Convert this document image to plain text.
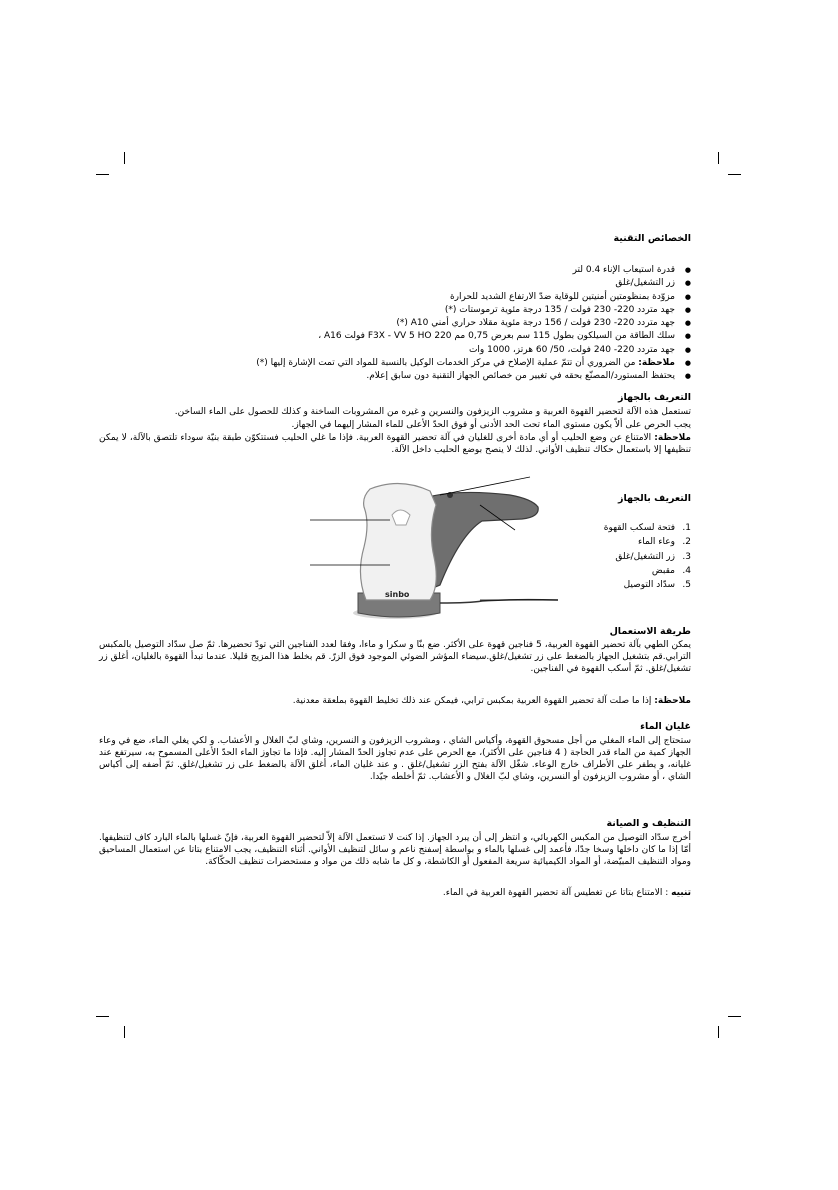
الخصائص التقنية
● قدرة استيعاب الإناء 0.4 لتر
● زر التشغيل/غلق
● مزوّدة بمنظومتين أمنيتين للوقاية ضدّ الارتفاع الشديد للحرارة
● جهد متردد 220- 230 فولت / 135 درجة مئوية ترموستات (*)
● جهد متردد 220- 230 فولت / 156 درجة مئوية مقلاد حراري أمني A10 (*)
● سلك الطاقة من السيلكون بطول 115 سم بعرض 0,75 مم F3X - VV 5 HO 220 فولت A16 ،
● جهد متردد 220- 240 فولت، 50/ 60 هرتز، 1000 وات
● ملاحظة: من الضروري أن تتمّ عملية الإصلاح في مركز الخدمات الوكيل بالنسبة للمواد التي تمت الإشارة إليها (*)
● يحتفظ المستورد/المصنّع بحقه في تغيير من خصائص الجهاز التقنية دون سابق إعلام.
التعريف بالجهاز
تستعمل هذه الآلة لتحضير القهوة العربية و مشروب الزيزفون والنسرين و غيره من المشروبات الساخنة و كذلك للحصول على الماء الساخن.
يجب الحرص على ألاّ يكون مستوى الماء تحت الحد الأدنى أو فوق الحدّ الأعلى للماء المشار إليهما في الجهاز.
ملاحظة: الامتناع عن وضع الحليب أو أي مادة أخرى للغليان في آلة تحضير القهوة العربية. فإذا ما غلي الحليب فستتكوّن طبقة بنيّة سوداء تلتصق بالآلة، لا يمكن تنظيفها إلا باستعمال حكاك تنظيف الأواني. لذلك لا ينصح بوضع الحليب داخل الآلة.
sinbo
التعريف بالجهاز
1.فتحة لسكب القهوة
2.وعاء الماء
3.زر التشغيل/غلق
4.مقبض
5.سدّاد التوصيل
طريقة الاستعمال
يمكن الطهي بآلة تحضير القهوة العربية، 5 فناجين قهوة على الأكثر. ضع بنّا و سكرا و ماءا، وفقا لعدد الفناجين التي تودّ تحضيرها. ثمّ صل سدّاد التوصيل بالمكبس الترابي.قم بتشغيل الجهاز بالضغط على زر تشغيل/غلق.سيضاء المؤشر الضوئي الموجود فوق الزرّ. قم بخلط هذا المزيج قليلا. عندما تبدأ القهوة بالغليان، أغلق زر تشغيل/غلق. ثمّ أسكب القهوة في الفناجين.
ملاحظة: إذا ما صلت آلة تحضير القهوة العربية بمكبس ترابي، فيمكن عند ذلك تخليط القهوة بملعقة معدنية.
غليان الماء
ستحتاج إلى الماء المغلي من أجل مسحوق القهوة، وأكياس الشاي ، ومشروب الزيزفون و النسرين، وشاي لبّ الغلال و الأعشاب. و لكي يغلي الماء، ضع في وعاء الجهاز كمية من الماء قدر الحاجة ( 4 فناجين على الأكثر)، مع الحرص على عدم تجاوز الحدّ المشار إليه. فإذا ما تجاوز الماء الحدّ الأعلى المسموح به، سيرتفع عند غليانه، و يطفر على الأطراف خارج الوعاء. شغّل الآلة بفتح الزر تشغيل/غلق . و عند غليان الماء، أغلق الآلة بالضغط على زر تشغيل/غلق. ثمّ أضفه إلى أكياس الشاي ، أو مشروب الزيزفون أو النسرين، وشاي لبّ الغلال و الأعشاب. ثمّ أخلطه جيّدا.
التنظيف و الصيانة
أخرج سدّاد التوصيل من المكبس الكهربائي، و انتظر إلى أن يبرد الجهاز. إذا كنت لا تستعمل الآلة إلاّ لتحضير القهوة العربية، فإنّ غسلها بالماء البارد كاف لتنظيفها. أمّا إذا ما كان داخلها وسخا جدّا، فأعمد إلى غسلها بالماء و بواسطة إسفنج ناعم و سائل لتنظيف الأواني. أثناء التنظيف، يجب الامتناع بتاتا عن استعمال المساحيق ومواد التنظيف المبيّضة، أو المواد الكيميائية سريعة المفعول أو الكاشطة، و كل ما شابه ذلك من مواد و مستحضرات تنظيف الحكّاكة.
تنبيه : الامتناع بتاتا عن تغطيس آلة تحضير القهوة العربية في الماء.
